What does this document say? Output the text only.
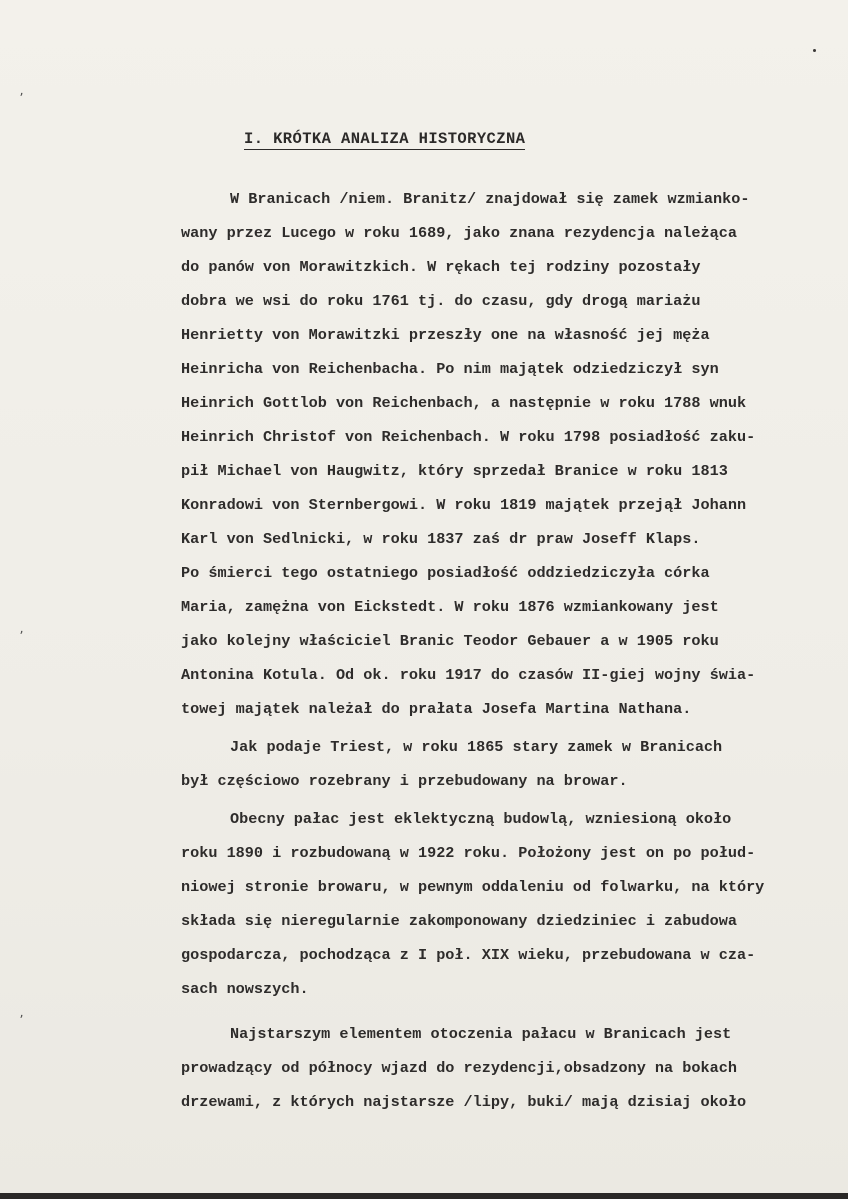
ʼ
ʼ
ʼ
I. KRÓTKA ANALIZA HISTORYCZNA
W Branicach /niem. Branitz/ znajdował się zamek wzmianko-
wany przez Lucego w roku 1689, jako znana rezydencja należąca
do panów von Morawitzkich. W rękach tej rodziny pozostały
dobra we wsi do roku 1761 tj. do czasu, gdy drogą mariażu
Henrietty von Morawitzki przeszły one na własność jej męża
Heinricha von Reichenbacha. Po nim majątek odziedziczył syn
Heinrich Gottlob von Reichenbach, a następnie w roku 1788 wnuk
Heinrich Christof von Reichenbach. W roku 1798 posiadłość zaku-
pił Michael von Haugwitz, który sprzedał Branice w roku 1813
Konradowi von Sternbergowi. W roku 1819 majątek przejął Johann
Karl von Sedlnicki, w roku 1837 zaś dr praw Joseff Klaps.
Po śmierci tego ostatniego posiadłość oddziedziczyła córka
Maria, zamężna von Eickstedt. W roku 1876 wzmiankowany jest
jako kolejny właściciel Branic Teodor Gebauer a w 1905 roku
Antonina Kotula. Od ok. roku 1917 do czasów II-giej wojny świa-
towej majątek należał do prałata Josefa Martina Nathana.
Jak podaje Triest, w roku 1865 stary zamek w Branicach
był częściowo rozebrany i przebudowany na browar.
Obecny pałac jest eklektyczną budowlą, wzniesioną około
roku 1890 i rozbudowaną w 1922 roku. Położony jest on po połud-
niowej stronie browaru, w pewnym oddaleniu od folwarku, na który
składa się nieregularnie zakomponowany dziedziniec i zabudowa
gospodarcza, pochodząca z I poł. XIX wieku, przebudowana w cza-
sach nowszych.
Najstarszym elementem otoczenia pałacu w Branicach jest
prowadzący od północy wjazd do rezydencji,obsadzony na bokach
drzewami, z których najstarsze /lipy, buki/ mają dzisiaj około
